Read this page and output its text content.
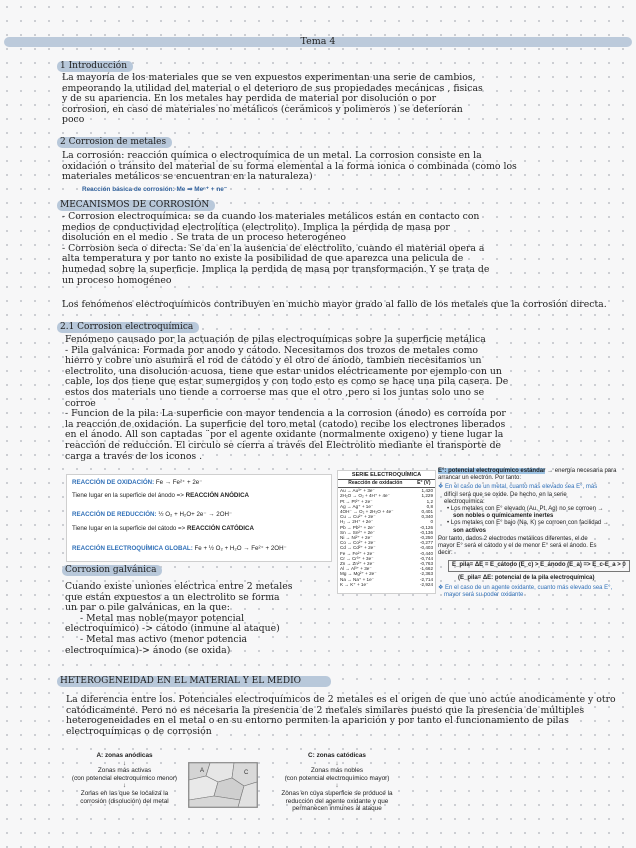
Tema 4
1 Introducción
La mayoría de los materiales que se ven expuestos experimentan una serie de cambios,
empeorando la utilidad del material o el deterioro de sus propiedades mecánicas , fisicas
y de su apariencia. En los metales hay perdida de material por disolución o por
corrosion, en caso de materiales no metálicos (cerámicos y polimeros ) se deterioran
poco
2 Corrosion de metales
La corrosión: reacción química o electroquímica de un metal. La corrosion consiste en la
oxidación o tránsito del material de su forma elemental a la forma ionica o combinada (como los
materiales metálicos se encuentran en la naturaleza)
Reacción básica de corrosión: Me ⇒ Meⁿ⁺ + ne⁻
MECANISMOS DE CORROSIÓN
- Corrosion electroquímica: se da cuando los materiales metálicos están en contacto con
medios de conductividad electrolítica (electrolito). Implica la pérdida de masa por
disolución en el medio . Se trata de un proceso heterogéneo
- Corrosion seca o directa: Se da en la ausencia de electrolito, cuando el material opera a
alta temperatura y por tanto no existe la posibilidad de que aparezca una pelicula de
humedad sobre la superficie. Implica la perdida de masa por transformación. Y se trata de
un proceso homogéneo
Los fenómenos electroquímicos contribuyen en mucho mayor grado al fallo de los metales que la corrosión directa.
2.1 Corrosion electroquímica
Fenómeno causado por la actuación de pilas electroquímicas sobre la superficie metálica
- Pila galvánica: Formada por anodo y cátodo. Necesitamos dos trozos de metales como
hierro y cobre uno asumirá el rod de cátodo y el otro de ánodo, tambien necesitamos un
electrolito, una disolución acuosa, tiene que estar unidos eléctricamente por ejemplo con un
cable, los dos tiene que estar sumergidos y con todo esto es como se hace una pila casera. De
estos dos materials uno tiende a corroerse mas que el otro ,pero si los juntas solo uno se
corroe
- Funcion de la pila: La superficie con mayor tendencia a la corrosion (ánodo) es corroída por
la reacción de oxidación. La superficie del toro metal (catodo) recibe los electrones liberados
en el ánodo. All son captadas ¨por el agente oxidante (normalmente oxigeno) y tiene lugar la
reacción de reducción. El circulo se cierra a través del Electrolito mediante el transporte de
carga a través de los iconos .
REACCIÓN DE OXIDACIÓN: Fe → Fe²⁺ + 2e⁻
Tiene lugar en la superficie del ánodo => REACCIÓN ANÓDICA
REACCIÓN DE REDUCCIÓN: ½ O₂ + H₂O+ 2e⁻ → 2OH⁻
Tiene lugar en la superficie del cátodo => REACCIÓN CATÓDICA
REACCIÓN ELECTROQUÍMICA GLOBAL: Fe + ½ O₂ + H₂O → Fe²⁺ + 2OH⁻
SERIE ELECTROQUÍMICA
Reacción de oxidación	E° (V)
Au → Au³⁺ + 3e⁻	1,420
2H₂O → O₂ + 4H⁺ + 4e⁻	1,229
Pt → Pt²⁺ + 2e⁻	1,2
Ag → Ag⁺ + 1e⁻	0,8
4OH⁻ → O₂ + 2H₂O + 4e⁻	0,401
Cu → Cu²⁺ + 2e⁻	0,340
H₂ → 2H⁺ + 2e⁻	0
Pb → Pb²⁺ + 2e⁻	-0,126
Sn → Sn²⁺ + 2e⁻	-0,136
Ni → Ni²⁺ + 2e⁻	-0,250
Co → Co²⁺ + 2e⁻	-0,277
Cd → Cd²⁺ + 2e⁻	-0,403
Fe → Fe²⁺ + 2e⁻	-0,440
Cr → Cr³⁺ + 3e⁻	-0,744
Zn → Zn²⁺ + 2e⁻	-0,763
Al → Al³⁺ + 3e⁻	-1,662
Mg → Mg²⁺ + 2e⁻	-2,363
Na → Na⁺ + 1e⁻	-2,714
K → K⁺ + 1e⁻	-2,924
E°: potencial electroquímico estándar → energía necesaria para
arrancar un electrón. Por tanto:
❖ En el caso de un metal, cuanto más elevado sea E°, más
difícil será que se oxide. De hecho, en la serie
electroquímica:
• Los metales con E° elevado (Au, Pt, Ag) no se corroen →
son nobles o químicamente inertes
• Los metales con E° bajo (Na, K) se corroen con facilidad →
son activos
Por tanto, dados 2 electrodos metálicos diferentes, el de
mayor E° será el cátodo y el de menor E° será el ánodo. Es
decir:
E_pila= ΔE = E_cátodo (E_c) > E_ánodo (E_a) => E_c-E_a > 0
(E_pila= ΔE: potencial de la pila electroquímica)
❖ En el caso de un agente oxidante, cuanto más elevado sea E°,
mayor será su poder oxidante
Corrosion galvánica
Cuando existe uniones eléctrica entre 2 metales
que están expuestos a un electrolito se forma
un par o pile galvánicas, en la que:
- Metal mas noble(mayor potencial
electroquímico) -> cátodo (inmune al ataque)
- Metal mas activo (menor potencia
electroquímica)-> ánodo (se oxida)
HETEROGENEIDAD EN EL MATERIAL Y EL MEDIO
La diferencia entre los. Potenciales electroquímicos de 2 metales es el origen de que uno actúe anodicamente y otro
catódicamente. Pero no es necesaria la presencia de 2 metales similares puesto que la presencia de múltiples
heterogeneidades en el metal o en su entorno permiten la aparición y por tanto el funcionamiento de pilas
electroquímicas o de corrosión
A: zonas anódicas
↓
Zonas más activas
(con potencial electroquímico menor)
↓
Zonas en las que se localiza la
corrosión (disolución) del metal
A	C
C: zonas catódicas
↓
Zonas más nobles
(con potencial electroquímico mayor)
↓
Zonas en cuya superficie se produce la
reducción del agente oxidante y que
permanecen inmunes al ataque
